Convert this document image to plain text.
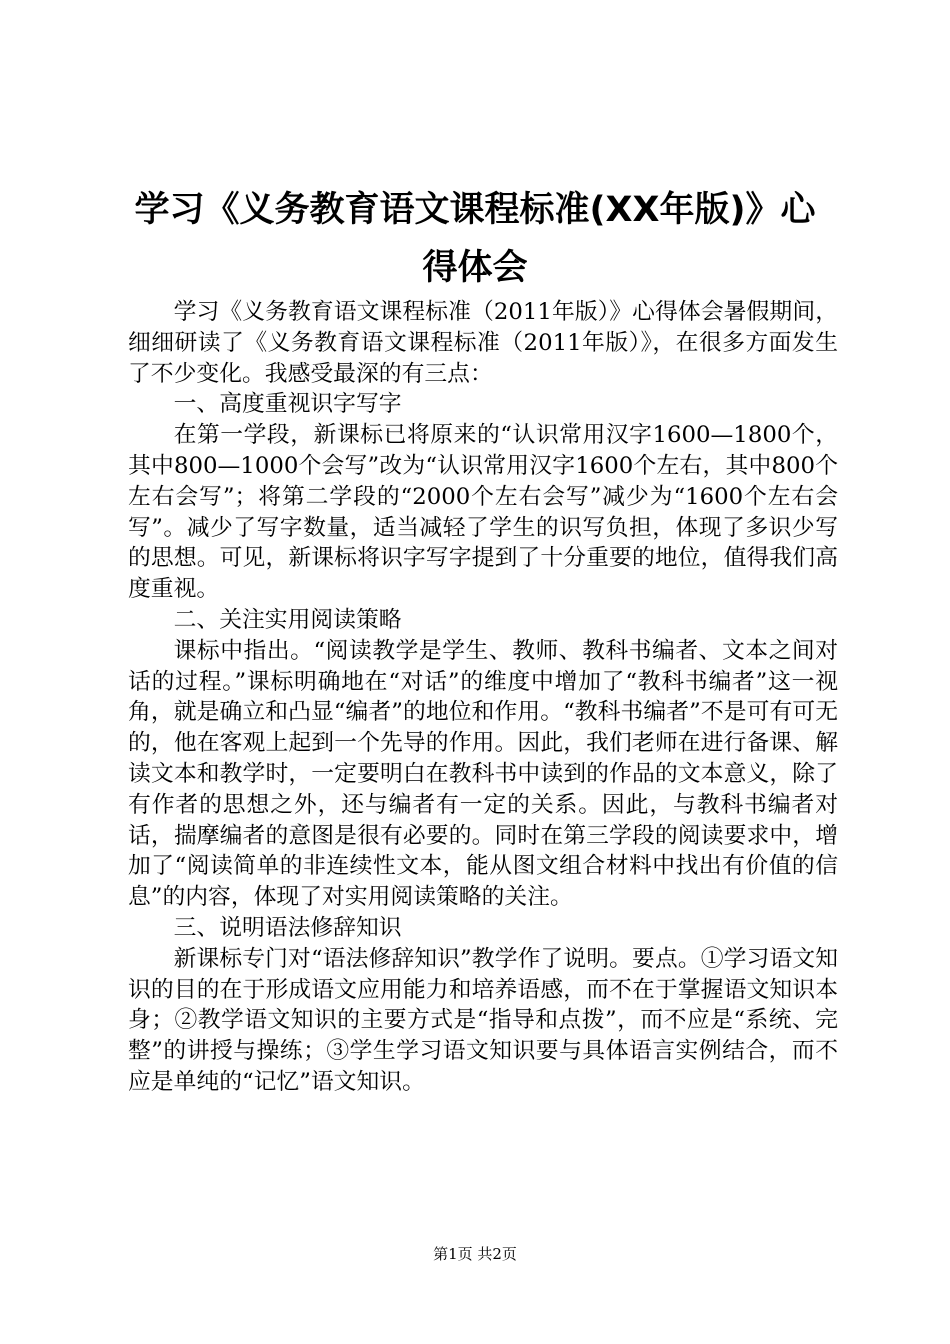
学习《义务教育语文课程标准(XX年版)》心
得体会

学习《义务教育语文课程标准（2011年版）》心得体会暑假期间，细细研读了《义务教育语文课程标准（2011年版）》，在很多方面发生了不少变化。我感受最深的有三点：

一、高度重视识字写字

在第一学段，新课标已将原来的“认识常用汉字1600—1800个，其中800—1000个会写”改为“认识常用汉字1600个左右，其中800个左右会写”；将第二学段的“2000个左右会写”减少为“1600个左右会写”。减少了写字数量，适当减轻了学生的识写负担，体现了多识少写的思想。可见，新课标将识字写字提到了十分重要的地位，值得我们高度重视。

二、关注实用阅读策略

课标中指出。“阅读教学是学生、教师、教科书编者、文本之间对话的过程。”课标明确地在“对话”的维度中增加了“教科书编者”这一视角，就是确立和凸显“编者”的地位和作用。“教科书编者”不是可有可无的，他在客观上起到一个先导的作用。因此，我们老师在进行备课、解读文本和教学时，一定要明白在教科书中读到的作品的文本意义，除了有作者的思想之外，还与编者有一定的关系。因此，与教科书编者对话，揣摩编者的意图是很有必要的。同时在第三学段的阅读要求中，增加了“阅读简单的非连续性文本，能从图文组合材料中找出有价值的信息”的内容，体现了对实用阅读策略的关注。

三、说明语法修辞知识

新课标专门对“语法修辞知识”教学作了说明。要点。①学习语文知识的目的在于形成语文应用能力和培养语感，而不在于掌握语文知识本身；②教学语文知识的主要方式是“指导和点拨”，而不应是“系统、完整”的讲授与操练；③学生学习语文知识要与具体语言实例结合，而不应是单纯的“记忆”语文知识。

第1页 共2页
